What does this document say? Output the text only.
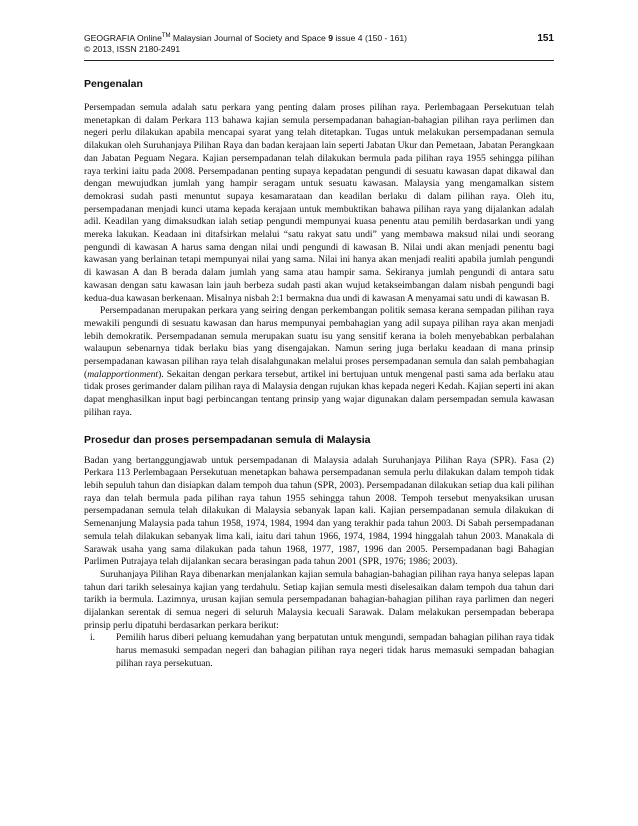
GEOGRAFIA Online™ Malaysian Journal of Society and Space 9 issue 4 (150 - 161)
© 2013, ISSN 2180-2491
151
Pengenalan

Persempadan semula adalah satu perkara yang penting dalam proses pilihan raya. Perlembagaan Persekutuan telah menetapkan di dalam Perkara 113 bahawa kajian semula persempadanan bahagian-bahagian pilihan raya perlimen dan negeri perlu dilakukan apabila mencapai syarat yang telah ditetapkan. Tugas untuk melakukan persempadanan semula dilakukan oleh Suruhanjaya Pilihan Raya dan badan kerajaan lain seperti Jabatan Ukur dan Pemetaan, Jabatan Perangkaan dan Jabatan Peguam Negara. Kajian persempadanan telah dilakukan bermula pada pilihan raya 1955 sehingga pilihan raya terkini iaitu pada 2008. Persempadanan penting supaya kepadatan pengundi di sesuatu kawasan dapat dikawal dan dengan mewujudkan jumlah yang hampir seragam untuk sesuatu kawasan. Malaysia yang mengamalkan sistem demokrasi sudah pasti menuntut supaya kesamarataan dan keadilan berlaku di dalam pilihan raya. Oleh itu, persempadanan menjadi kunci utama kepada kerajaan untuk membuktikan bahawa pilihan raya yang dijalankan adalah adil. Keadilan yang dimaksudkan ialah setiap pengundi mempunyai kuasa penentu atau pemilih berdasarkan undi yang mereka lakukan. Keadaan ini ditafsirkan melalui “satu rakyat satu undi” yang membawa maksud nilai undi seorang pengundi di kawasan A harus sama dengan nilai undi pengundi di kawasan B. Nilai undi akan menjadi penentu bagi kawasan yang berlainan tetapi mempunyai nilai yang sama. Nilai ini hanya akan menjadi realiti apabila jumlah pengundi di kawasan A dan B berada dalam jumlah yang sama atau hampir sama. Sekiranya jumlah pengundi di antara satu kawasan dengan satu kawasan lain jauh berbeza sudah pasti akan wujud ketakseimbangan dalam nisbah pengundi bagi kedua-dua kawasan berkenaan. Misalnya nisbah 2:1 bermakna dua undi di kawasan A menyamai satu undi di kawasan B.

Persempadanan merupakan perkara yang seiring dengan perkembangan politik semasa kerana sempadan pilihan raya mewakili pengundi di sesuatu kawasan dan harus mempunyai pembahagian yang adil supaya pilihan raya akan menjadi lebih demokratik. Persempadanan semula merupakan suatu isu yang sensitif kerana ia boleh menyebabkan perbalahan walaupun sebenarnya tidak berlaku bias yang disengajakan. Namun sering juga berlaku keadaan di mana prinsip persempadanan kawasan pilihan raya telah disalahgunakan melalui proses persempadanan semula dan salah pembahagian (malapportionment). Sekaitan dengan perkara tersebut, artikel ini bertujuan untuk mengenal pasti sama ada berlaku atau tidak proses gerimander dalam pilihan raya di Malaysia dengan rujukan khas kepada negeri Kedah. Kajian seperti ini akan dapat menghasilkan input bagi perbincangan tentang prinsip yang wajar digunakan dalam persempadan semula kawasan pilihan raya.

Prosedur dan proses persempadanan semula di Malaysia

Badan yang bertanggungjawab untuk persempadanan di Malaysia adalah Suruhanjaya Pilihan Raya (SPR). Fasa (2) Perkara 113 Perlembagaan Persekutuan menetapkan bahawa persempadanan semula perlu dilakukan dalam tempoh tidak lebih sepuluh tahun dan disiapkan dalam tempoh dua tahun (SPR, 2003). Persempadanan dilakukan setiap dua kali pilihan raya dan telah bermula pada pilihan raya tahun 1955 sehingga tahun 2008. Tempoh tersebut menyaksikan urusan persempadanan semula telah dilakukan di Malaysia sebanyak lapan kali. Kajian persempadanan semula dilakukan di Semenanjung Malaysia pada tahun 1958, 1974, 1984, 1994 dan yang terakhir pada tahun 2003. Di Sabah persempadanan semula telah dilakukan sebanyak lima kali, iaitu dari tahun 1966, 1974, 1984, 1994 hinggalah tahun 2003. Manakala di Sarawak usaha yang sama dilakukan pada tahun 1968, 1977, 1987, 1996 dan 2005. Persempadanan bagi Bahagian Parlimen Putrajaya telah dijalankan secara berasingan pada tahun 2001 (SPR, 1976; 1986; 2003).

Suruhanjaya Pilihan Raya dibenarkan menjalankan kajian semula bahagian-bahagian pilihan raya hanya selepas lapan tahun dari tarikh selesainya kajian yang terdahulu. Setiap kajian semula mesti diselesaikan dalam tempoh dua tahun dari tarikh ia bermula. Lazimnya, urusan kajian semula persempadanan bahagian-bahagian pilihan raya parlimen dan negeri dijalankan serentak di semua negeri di seluruh Malaysia kecuali Sarawak. Dalam melakukan persempadan beberapa prinsip perlu dipatuhi berdasarkan perkara berikut:

i.	Pemilih harus diberi peluang kemudahan yang berpatutan untuk mengundi, sempadan bahagian pilihan raya tidak harus memasuki sempadan negeri dan bahagian pilihan raya negeri tidak harus memasuki sempadan bahagian pilihan raya persekutuan.
